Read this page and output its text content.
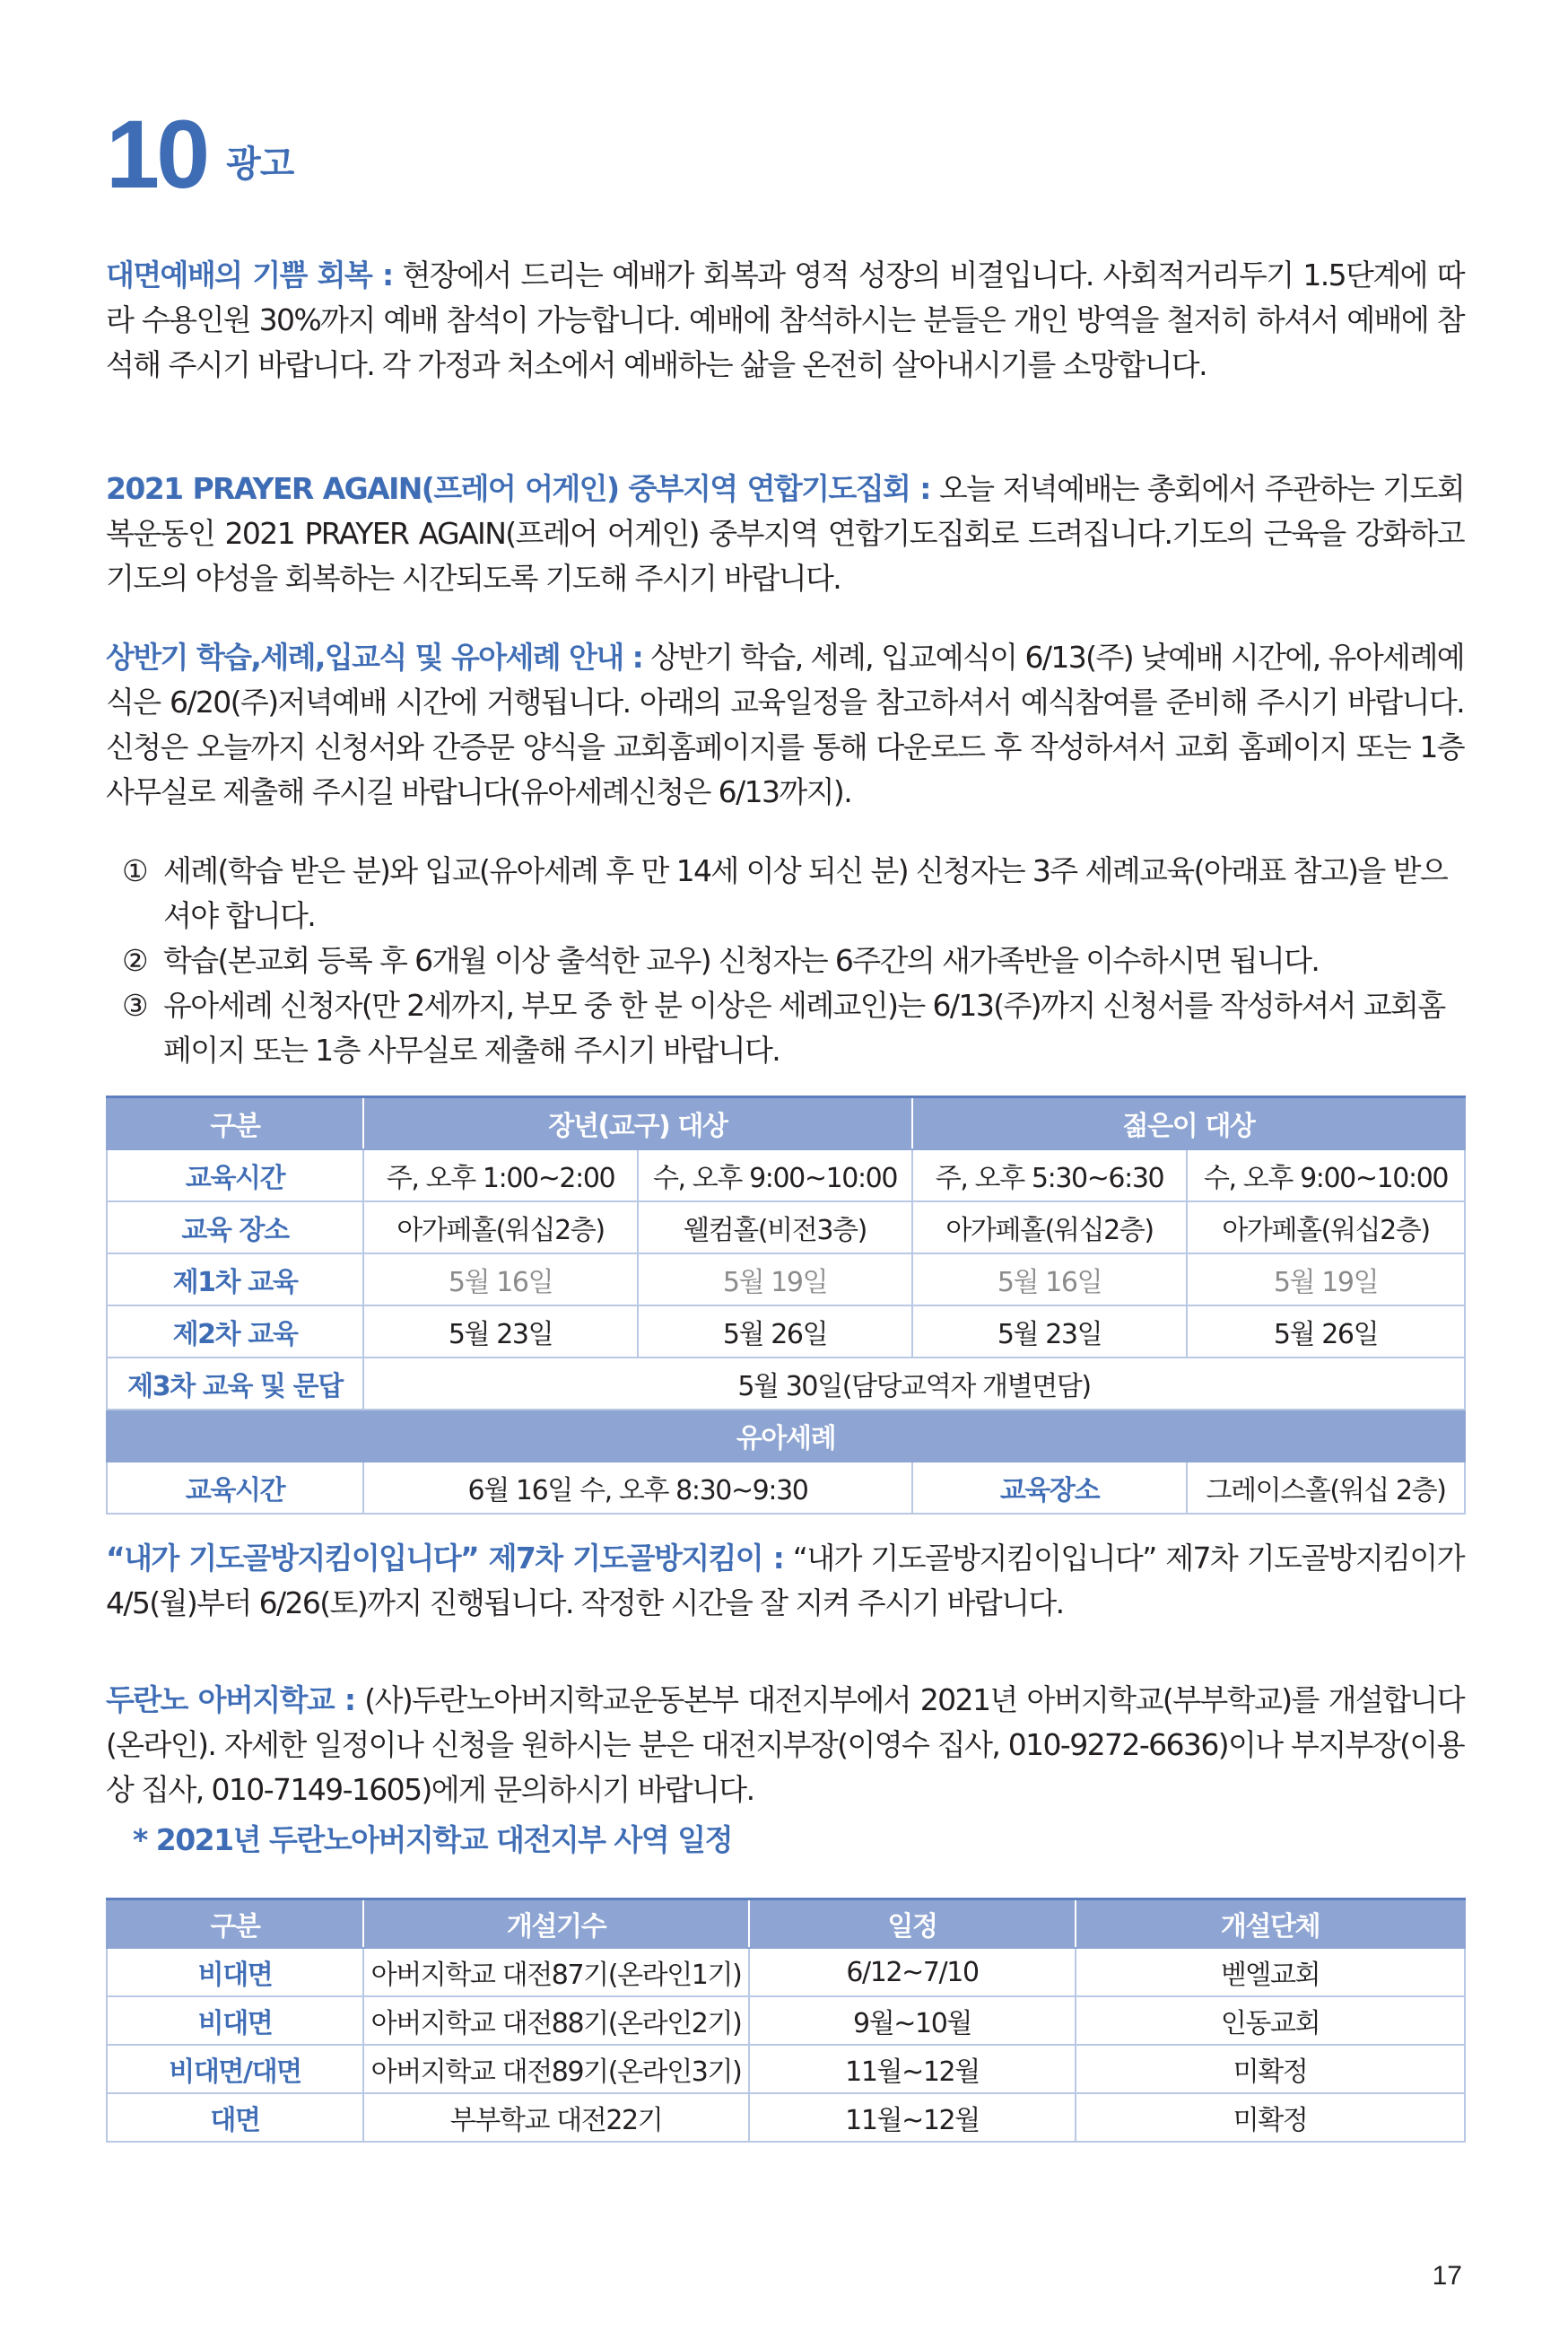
10 광고

대면예배의 기쁨 회복 : 현장에서 드리는 예배가 회복과 영적 성장의 비결입니다. 사회적거리두기 1.5단계에 따라 수용인원 30%까지 예배 참석이 가능합니다. 예배에 참석하시는 분들은 개인 방역을 철저히 하셔서 예배에 참석해 주시기 바랍니다. 각 가정과 처소에서 예배하는 삶을 온전히 살아내시기를 소망합니다.

2021 PRAYER AGAIN(프레어 어게인) 중부지역 연합기도집회 : 오늘 저녁예배는 총회에서 주관하는 기도회복운동인 2021 PRAYER AGAIN(프레어 어게인) 중부지역 연합기도집회로 드려집니다.기도의 근육을 강화하고 기도의 야성을 회복하는 시간되도록 기도해 주시기 바랍니다.

상반기 학습,세례,입교식 및 유아세례 안내 : 상반기 학습, 세례, 입교예식이 6/13(주) 낮예배 시간에, 유아세례예식은 6/20(주)저녁예배 시간에 거행됩니다. 아래의 교육일정을 참고하셔서 예식참여를 준비해 주시기 바랍니다. 신청은 오늘까지 신청서와 간증문 양식을 교회홈페이지를 통해 다운로드 후 작성하셔서 교회 홈페이지 또는 1층 사무실로 제출해 주시길 바랍니다(유아세례신청은 6/13까지).

① 세례(학습 받은 분)와 입교(유아세례 후 만 14세 이상 되신 분) 신청자는 3주 세례교육(아래표 참고)을 받으셔야 합니다.
② 학습(본교회 등록 후 6개월 이상 출석한 교우) 신청자는 6주간의 새가족반을 이수하시면 됩니다.
③ 유아세례 신청자(만 2세까지, 부모 중 한 분 이상은 세례교인)는 6/13(주)까지 신청서를 작성하셔서 교회홈페이지 또는 1층 사무실로 제출해 주시기 바랍니다.
구분	장년(교구) 대상		젊은이 대상	
교육시간	주, 오후 1:00~2:00	수, 오후 9:00~10:00	주, 오후 5:30~6:30	수, 오후 9:00~10:00
교육 장소	아가페홀(워십2층)	웰컴홀(비전3층)	아가페홀(워십2층)	아가페홀(워십2층)
제1차 교육	5월 16일	5월 19일	5월 16일	5월 19일
제2차 교육	5월 23일	5월 26일	5월 23일	5월 26일
제3차 교육 및 문답	5월 30일(담당교역자 개별면담)			
유아세례				
교육시간	6월 16일 수, 오후 8:30~9:30		교육장소	그레이스홀(워십 2층)

“내가 기도골방지킴이입니다” 제7차 기도골방지킴이 : “내가 기도골방지킴이입니다” 제7차 기도골방지킴이가 4/5(월)부터 6/26(토)까지 진행됩니다. 작정한 시간을 잘 지켜 주시기 바랍니다.

두란노 아버지학교 : (사)두란노아버지학교운동본부 대전지부에서 2021년 아버지학교(부부학교)를 개설합니다(온라인). 자세한 일정이나 신청을 원하시는 분은 대전지부장(이영수 집사, 010-9272-6636)이나 부지부장(이용상 집사, 010-7149-1605)에게 문의하시기 바랍니다.

* 2021년 두란노아버지학교 대전지부 사역 일정

구분	개설기수	일정	개설단체
비대면	아버지학교 대전87기(온라인1기)	6/12~7/10	벧엘교회
비대면	아버지학교 대전88기(온라인2기)	9월~10월	인동교회
비대면/대면	아버지학교 대전89기(온라인3기)	11월~12월	미확정
대면	부부학교 대전22기	11월~12월	미확정
17
